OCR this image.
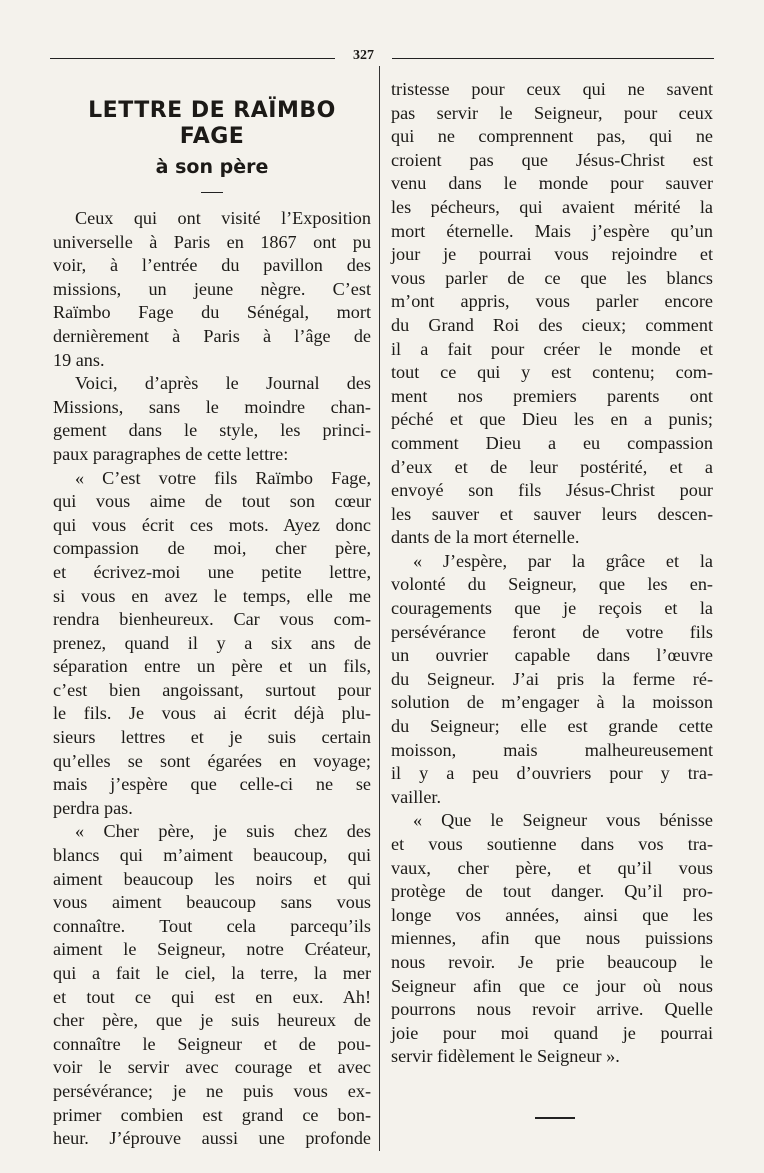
327
LETTRE DE RAÏMBO FAGE
à son père
Ceux qui ont visité l’Exposition
universelle à Paris en 1867 ont pu
voir, à l’entrée du pavillon des
missions, un jeune nègre. C’est
Raïmbo Fage du Sénégal, mort
dernièrement à Paris à l’âge de
19 ans.
Voici, d’après le Journal des
Missions, sans le moindre chan-
gement dans le style, les princi-
paux paragraphes de cette lettre:
« C’est votre fils Raïmbo Fage,
qui vous aime de tout son cœur
qui vous écrit ces mots. Ayez donc
compassion de moi, cher père,
et écrivez-moi une petite lettre,
si vous en avez le temps, elle me
rendra bienheureux. Car vous com-
prenez, quand il y a six ans de
séparation entre un père et un fils,
c’est bien angoissant, surtout pour
le fils. Je vous ai écrit déjà plu-
sieurs lettres et je suis certain
qu’elles se sont égarées en voyage;
mais j’espère que celle-ci ne se
perdra pas.
« Cher père, je suis chez des
blancs qui m’aiment beaucoup, qui
aiment beaucoup les noirs et qui
vous aiment beaucoup sans vous
connaître. Tout cela parcequ’ils
aiment le Seigneur, notre Créateur,
qui a fait le ciel, la terre, la mer
et tout ce qui est en eux. Ah!
cher père, que je suis heureux de
connaître le Seigneur et de pou-
voir le servir avec courage et avec
persévérance; je ne puis vous ex-
primer combien est grand ce bon-
heur. J’éprouve aussi une profonde
tristesse pour ceux qui ne savent
pas servir le Seigneur, pour ceux
qui ne comprennent pas, qui ne
croient pas que Jésus-Christ est
venu dans le monde pour sauver
les pécheurs, qui avaient mérité la
mort éternelle. Mais j’espère qu’un
jour je pourrai vous rejoindre et
vous parler de ce que les blancs
m’ont appris, vous parler encore
du Grand Roi des cieux; comment
il a fait pour créer le monde et
tout ce qui y est contenu; com-
ment nos premiers parents ont
péché et que Dieu les en a punis;
comment Dieu a eu compassion
d’eux et de leur postérité, et a
envoyé son fils Jésus-Christ pour
les sauver et sauver leurs descen-
dants de la mort éternelle.
« J’espère, par la grâce et la
volonté du Seigneur, que les en-
couragements que je reçois et la
persévérance feront de votre fils
un ouvrier capable dans l’œuvre
du Seigneur. J’ai pris la ferme ré-
solution de m’engager à la moisson
du Seigneur; elle est grande cette
moisson, mais malheureusement
il y a peu d’ouvriers pour y tra-
vailler.
« Que le Seigneur vous bénisse
et vous soutienne dans vos tra-
vaux, cher père, et qu’il vous
protège de tout danger. Qu’il pro-
longe vos années, ainsi que les
miennes, afin que nous puissions
nous revoir. Je prie beaucoup le
Seigneur afin que ce jour où nous
pourrons nous revoir arrive. Quelle
joie pour moi quand je pourrai
servir fidèlement le Seigneur ».
